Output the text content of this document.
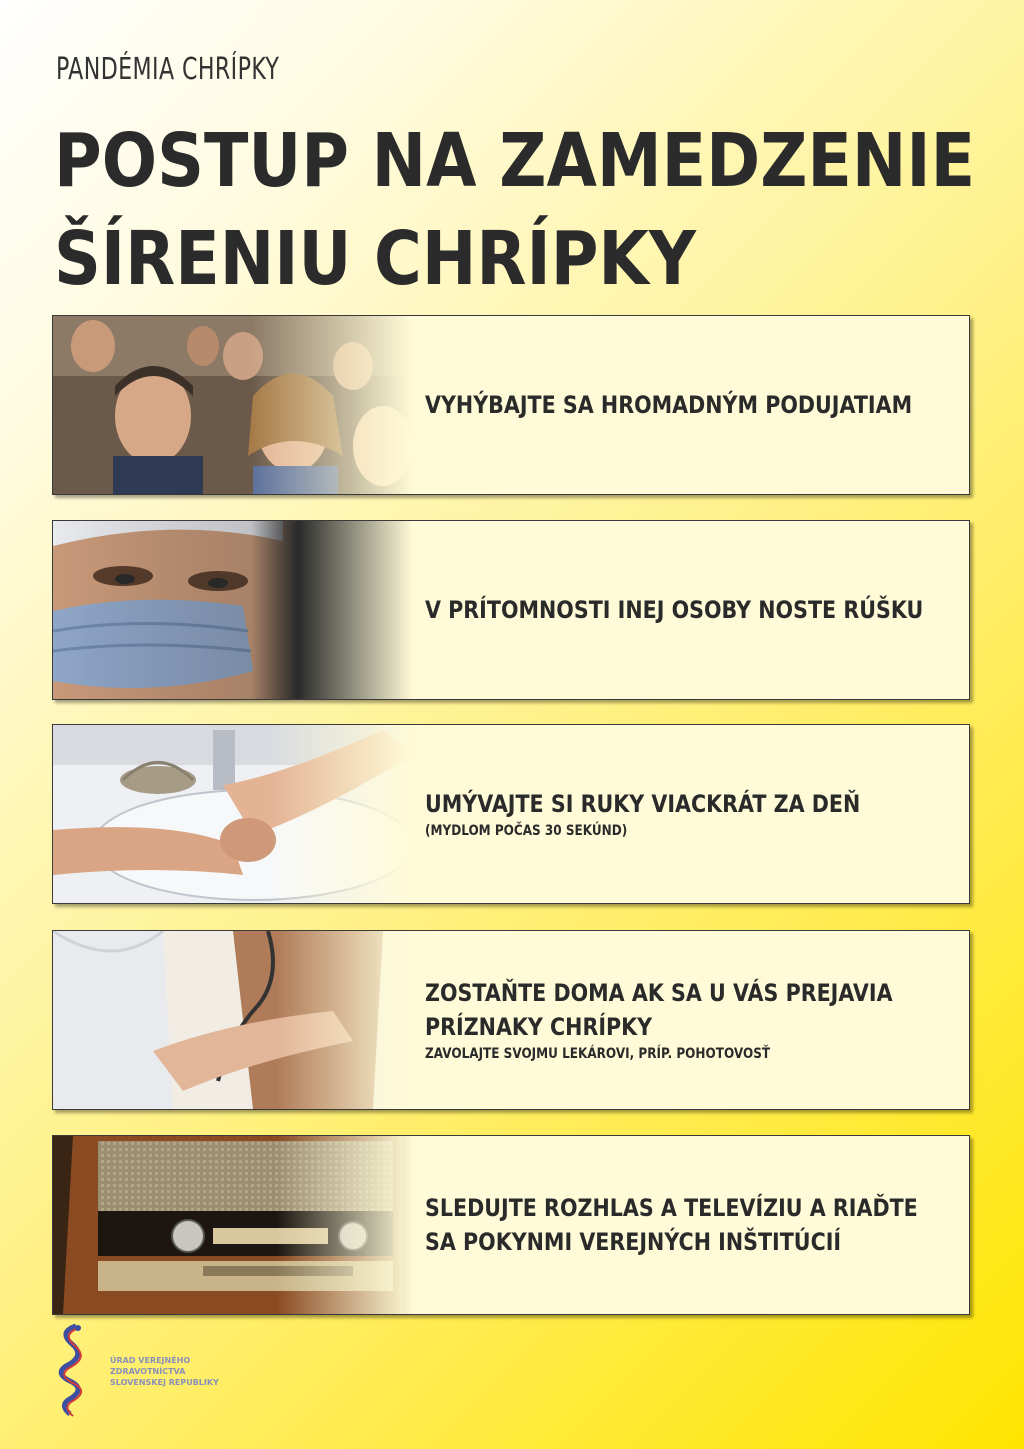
PANDÉMIA CHRÍPKY
POSTUP NA ZAMEDZENIE
ŠÍRENIU CHRÍPKY
VYHÝBAJTE SA HROMADNÝM PODUJATIAM
V PRÍTOMNOSTI INEJ OSOBY NOSTE RÚŠKU
UMÝVAJTE SI RUKY VIACKRÁT ZA DEŇ
(MYDLOM POČAS 30 SEKÚND)
ZOSTAŇTE DOMA AK SA U VÁS PREJAVIA
PRÍZNAKY CHRÍPKY
ZAVOLAJTE SVOJMU LEKÁROVI, PRÍP. POHOTOVOSŤ
SLEDUJTE ROZHLAS A TELEVÍZIU A RIAĎTE
SA POKYNMI VEREJNÝCH INŠTITÚCIÍ
ÚRAD VEREJNÉHO
ZDRAVOTNÍCTVA
SLOVENSKEJ REPUBLIKY
